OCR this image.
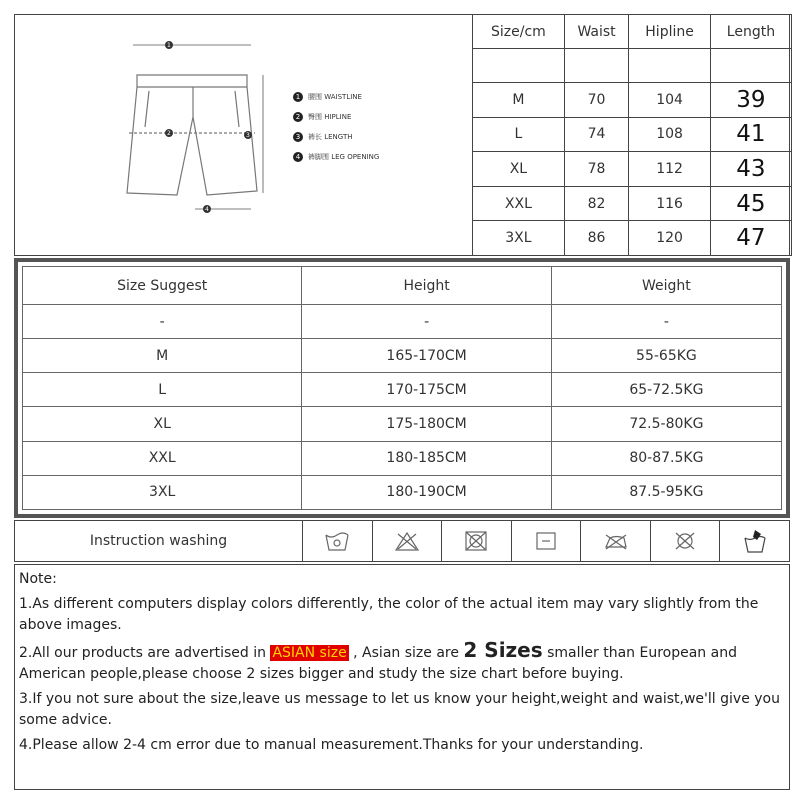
1
2	3
4
1	腰围 WAISTLINE
2	臀围 HIPLINE
3	裤长 LENGTH
4	裤脚围 LEG OPENING
Size/cm	Waist	Hipline	Length

M	70	104	39
L	74	108	41
XL	78	112	43
XXL	82	116	45
3XL	86	120	47
Size Suggest	Height	Weight
-	-	-
M	165-170CM	55-65KG
L	170-175CM	65-72.5KG
XL	175-180CM	72.5-80KG
XXL	180-185CM	80-87.5KG
3XL	180-190CM	87.5-95KG
Instruction washing

Note:

1.As different computers display colors differently, the color of the actual item may vary slightly from the above images.

2.All our products are advertised in ASIAN size , Asian size are 2 Sizes smaller than European and
American people,please choose 2 sizes bigger and study the size chart before buying.

3.If you not sure about the size,leave us message to let us know your height,weight and waist,we'll give you some advice.

4.Please allow 2-4 cm error due to manual measurement.Thanks for your understanding.
